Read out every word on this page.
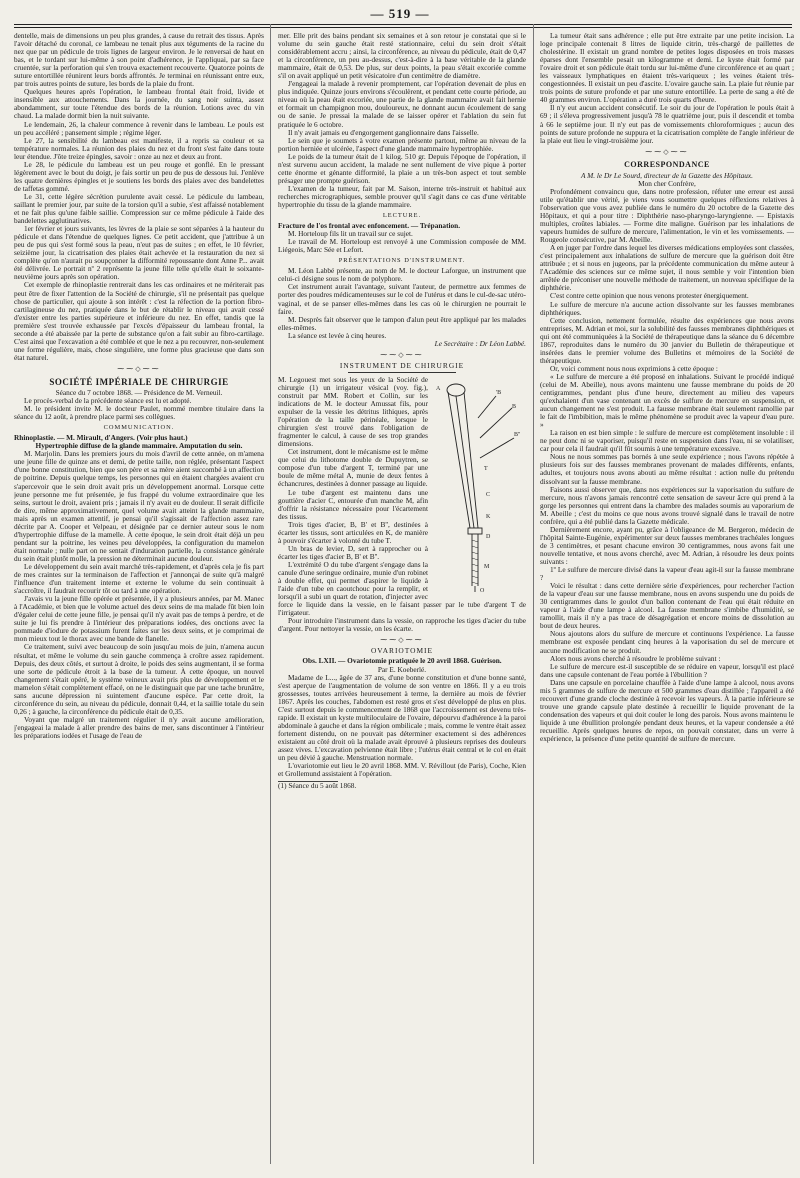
— 519 —

dentelle, mais de dimensions un peu plus grandes, à cause du retrait des tissus. Après l'avoir détaché du coronal, ce lambeau ne tenait plus aux téguments de la racine du nez que par un pédicule de trois lignes de largeur environ. Je le renversai de haut en bas, et le tordant sur lui-même à son point d'adhérence, je l'appliquai, par sa face cruentée, sur la perforation qui s'en trouva exactement recouverte. Quatorze points de suture entortillée réunirent leurs bords affrontés. Je terminai en réunissant entre eux, par trois autres points de suture, les bords de la plaie du front.

Quelques heures après l'opération, le lambeau frontal était froid, livide et insensible aux attouchements. Dans la journée, du sang noir suinta, assez abondamment, sur toute l'étendue des bords de la réunion. Lotions avec du vin chaud. La malade dormit bien la nuit suivante.

Le lendemain, 26, la chaleur commence à revenir dans le lambeau. Le pouls est un peu accéléré ; pansement simple ; régime léger.

Le 27, la sensibilité du lambeau est manifeste, il a repris sa couleur et sa température normales. La réunion des plaies du nez et du front s'est faite dans toute leur étendue. J'ôte treize épingles, savoir : onze au nez et deux au front.

Le 28, le pédicule du lambeau est un peu rouge et gonflé. En le pressant légèrement avec le bout du doigt, je fais sortir un peu de pus de dessous lui. J'enlève les quatre dernières épingles et je soutiens les bords des plaies avec des bandelettes de taffetas gommé.

Le 31, cette légère sécrétion purulente avait cessé. Le pédicule du lambeau, saillant le premier jour, par suite de la torsion qu'il a subie, s'est affaissé notablement et ne fait plus qu'une faible saillie. Compression sur ce même pédicule à l'aide des bandelettes agglutinatives.

1er février et jours suivants, les lèvres de la plaie se sont séparées à la hauteur du pédicule et dans l'étendue de quelques lignes. Ce petit accident, que j'attribue à un peu de pus qui s'est formé sous la peau, n'eut pas de suites ; en effet, le 10 février, seizième jour, la cicatrisation des plaies était achevée et la restauration du nez si complète qu'on n'aurait pu soupçonner la difformité repoussante dont Anne P... avait été délivrée. Le portrait nº 2 représente la jeune fille telle qu'elle était le soixante-neuvième jours après son opération.

Cet exemple de rhinoplastie rentrerait dans les cas ordinaires et ne mériterait pas peut être de fixer l'attention de la Société de chirurgie, s'il ne présentait pas quelque chose de particulier, qui ajoute à son intérêt : c'est la réfection de la portion fibro-cartilagineuse du nez, pratiquée dans le but de rétablir le niveau qui avait cessé d'exister entre les parties supérieure et inférieure du nez. En effet, tandis que la première s'est trouvée exhaussée par l'excès d'épaisseur du lambeau frontal, la seconde a été abaissée par la perte de substance qu'on a fait subir au fibro-cartilage. C'est ainsi que l'excavation a été comblée et que le nez a pu recouvrer, non-seulement une forme régulière, mais, chose singulière, une forme plus gracieuse que dans son état naturel.

⁓⁓◇⁓⁓
SOCIÉTÉ IMPÉRIALE DE CHIRURGIE

Séance du 7 octobre 1868. — Présidence de M. Verneuil.

Le procès-verbal de la précédente séance est lu et adopté.

M. le président invite M. le docteur Paulet, nommé membre titulaire dans la séance du 12 août, à prendre place parmi ses collègues.

COMMUNICATION.

Rhinoplastie. — M. Mirault, d'Angers. (Voir plus haut.)

Hypertrophie diffuse de la glande mammaire. Amputation du sein.

M. Marjolin. Dans les premiers jours du mois d'avril de cette année, on m'amena une jeune fille de quinze ans et demi, de petite taille, non réglée, présentant l'aspect d'une bonne constitution, bien que son père et sa mère aient succombé à un affection de poitrine. Depuis quelque temps, les personnes qui en étaient chargées avaient cru s'apercevoir que le sein droit avait pris un développement anormal. Lorsque cette jeune personne me fut présentée, je fus frappé du volume extraordinaire que les seins, surtout le droit, avaient pris ; jamais il n'y avait eu de douleur. Il serait difficile de dire, même approximativement, quel volume avait atteint la glande mammaire, mais après un examen attentif, je pensai qu'il s'agissait de l'affection assez rare décrite par A. Cooper et Velpeau, et désignée par ce dernier auteur sous le nom d'hypertrophie diffuse de la mamelle. À cette époque, le sein droit était déjà un peu pendant sur la poitrine, les veines peu développées, la configuration du mamelon était normale ; nulle part on ne sentait d'induration partielle, la consistance générale du sein était plutôt molle, la pression ne déterminait aucune douleur.

Le développement du sein avait marché très-rapidement, et d'après cela je fis part de mes craintes sur la terminaison de l'affection et j'annonçai de suite qu'à malgré l'influence d'un traitement interne et externe le volume du sein continuait à s'accroître, il faudrait recourir tôt ou tard à une opération.

J'avais vu la jeune fille opérée et présentée, il y a plusieurs années, par M. Manec à l'Académie, et bien que le volume actuel des deux seins de ma malade fût bien loin d'égaler celui de cette jeune fille, je pensai qu'il n'y avait pas de temps à perdre, et de suite je lui fis prendre à l'intérieur des préparations iodées, des onctions avec la pommade d'iodure de potassium furent faites sur les deux seins, et je comprimai de mon mieux tout le thorax avec une bande de flanelle.

Ce traitement, suivi avec beaucoup de soin jusqu'au mois de juin, n'amena aucun résultat, et même le volume du sein gauche commença à croître assez rapidement. Depuis, des deux côtés, et surtout à droite, le poids des seins augmentant, il se forma une sorte de pédicule étroit à la base de la tumeur. À cette époque, un nouvel changement s'était opéré, le système veineux avait pris plus de développement et le mamelon s'était complètement effacé, on ne le distinguait que par une tache brunâtre, sans aucune dépression ni suintement d'aucune espèce. Par cette droit, la circonférence du sein, au niveau du pédicule, donnait 0,44, et la saillie totale du sein 0,26 ; à gauche, la circonférence du pédicule était de 0,35.

Voyant que malgré un traitement régulier il n'y avait aucune amélioration, j'engageai la malade à aller prendre des bains de mer, sans discontinuer à l'intérieur les préparations iodées et l'usage de l'eau de

mer. Elle prit des bains pendant six semaines et à son retour je constatai que si le volume du sein gauche était resté stationnaire, celui du sein droit s'était considérablement accru ; ainsi, la circonférence, au niveau du pédicule, était de 0,47 et la circonférence, un peu au-dessus, c'est-à-dire à la base véritable de la glande mammaire, était de 0,53. De plus, sur deux points, la peau s'était excoriée comme s'il on avait appliqué un petit vésicatoire d'un centimètre de diamètre.

J'engageai la malade à revenir promptement, car l'opération devenait de plus en plus indiquée. Quinze jours environs s'écoulèrent, et pendant cette courte période, au niveau où la peau était excoriée, une partie de la glande mammaire avait fait hernie et formait un champignon mou, douloureux, ne donnant aucun écoulement de sang ou de sanie. Je pressai la malade de se laisser opérer et l'ablation du sein fut pratiquée le 6 octobre.

Il n'y avait jamais eu d'engorgement ganglionnaire dans l'aisselle.

Le sein que je soumets à votre examen présente partout, même au niveau de la portion herniée et ulcérée, l'aspect d'une glande mammaire hypertrophiée.

Le poids de la tumeur était de 1 kilog. 510 gr. Depuis l'époque de l'opération, il n'est survenu aucun accident, la malade ne sent nullement de vive pique à porter cette énorme et génante difformité, la plaie a un très-bon aspect et tout semble présager une prompte guérison.

L'examen de la tumeur, fait par M. Saison, interne très-instruit et habitué aux recherches micrographiques, semble prouver qu'il s'agit dans ce cas d'une véritable hypertrophie du tissu de la glande mammaire.

LECTURE.

Fracture de l'os frontal avec enfoncement. — Trépanation.

M. Horteloup fils lit un travail sur ce sujet.

Le travail de M. Horteloup est renvoyé à une Commission composée de MM. Liégeois, Marc Sée et Lefort.

PRÉSENTATIONS D'INSTRUMENT.

M. Léon Labbé présente, au nom de M. le docteur Laforgue, un instrument que celui-ci désigne sous le nom de polyphore.

Cet instrument aurait l'avantage, suivant l'auteur, de permettre aux femmes de porter des poudres médicamenteuses sur le col de l'utérus et dans le cul-de-sac utéro-vaginal, et de se panser elles-mêmes dans les cas où le chirurgien ne pourrait le faire.

M. Desprès fait observer que le tampon d'alun peut être appliqué par les malades elles-mêmes.

La séance est levée à cinq heures.

Le Secrétaire : Dr Léon Labbé.

⁓⁓◇⁓⁓
INSTRUMENT DE CHIRURGIE
A
'B
B
B''
T
C
K
D
M
O

M. Legouest met sous les yeux de la Société de chirurgie (1) un irrigateur vésical (voy. fig.), construit par MM. Robert et Collin, sur les indications de M. le docteur Amussat fils, pour expulser de la vessie les détritus lithiques, après l'opération de la taille périnéale, lorsque le chirurgien s'est trouvé dans l'obligation de fragmenter le calcul, à cause de ses trop grandes dimensions.

Cet instrument, dont le mécanisme est le même que celui du lithotome double de Dupuytren, se compose d'un tube d'argent T, terminé par une boule de même métal A, munie de deux fentes à échancrures, destinées à donner passage au liquide.

Le tube d'argent est maintenu dans une gouttière d'acier C, entourée d'un manche M, afin d'offrir la résistance nécessaire pour l'écartement des tissus.

Trois tiges d'acier, B, B' et B'', destinées à écarter les tissus, sont articulées en K, de manière à pouvoir s'écarter à volonté du tube T.

Un bras de levier, D, sert à rapprocher ou à écarter les tiges d'acier B, B' et B''.

L'extrémité O du tube d'argent s'engage dans la canule d'une seringue ordinaire, munie d'un robinet à double effet, qui permet d'aspirer le liquide à l'aide d'un tube en caoutchouc pour la remplir, et lorsqu'il a subi un quart de rotation, d'injecter avec force le liquide dans la vessie, en le faisant passer par le tube d'argent T de l'irrigateur.

Pour introduire l'instrument dans la vessie, on rapproche les tiges d'acier du tube d'argent. Pour nettoyer la vessie, on les écarte.

⁓⁓◇⁓⁓
OVARIOTOMIE

Obs. LXII. — Ovariotomie pratiquée le 20 avril 1868. Guérison.

Par E. Koeberlé.

Madame de L..., âgée de 37 ans, d'une bonne constitution et d'une bonne santé, s'est aperçue de l'augmentation de volume de son ventre en 1866. Il y a eu trois grossesses, toutes arrivées heureusement à terme, la dernière au mois de février 1867. Après les couches, l'abdomen est resté gros et s'est développé de plus en plus. C'est surtout depuis le commencement de 1868 que l'accroissement est devenu très-rapide. Il existait un kyste multiloculaire de l'ovaire, dépourvu d'adhérence à la paroi abdominale à gauche et dans la région ombilicale ; mais, comme le ventre était assez fortement distendu, on ne pouvait pas déterminer exactement si des adhérences existaient au côté droit où la malade avait éprouvé à plusieurs reprises des douleurs assez vives. L'excavation pelvienne était libre ; l'utérus était central et le col en était un peu dévié à gauche. Menstruation normale.

L'ovariotomie eut lieu le 20 avril 1868. MM. V. Révillout (de Paris), Coche, Kien et Grollemund assistaient à l'opération.

(1) Séance du 5 août 1868.

La tumeur était sans adhérence ; elle put être extraite par une petite incision. La loge principale contenait 8 litres de liquide citrin, très-chargé de paillettes de cholestérine. Il existait un grand nombre de petites loges disposées en trois masses éparses dont l'ensemble pesait un kilogramme et demi. Le kyste était formé par l'ovaire droit et son pédicule était tordu sur lui-même d'une circonférence et au quart ; les vaisseaux lymphatiques en étaient très-variqueux ; les veines étaient très-congestionnées. Il existait un peu d'ascite. L'ovaire gauche sain. La plaie fut réunie par trois points de suture profonde et par une suture entortillée. La perte de sang a été de 40 grammes environ. L'opération a duré trois quarts d'heure.

Il n'y eut aucun accident consécutif. Le soir du jour de l'opération le pouls était à 69 ; il s'éleva progressivement jusqu'à 78 le quatrième jour, puis il descendit et tomba à 66 le septième jour. Il n'y eut pas de vomissements chloroformiques ; aucun des points de suture profonde ne suppura et la cicatrisation complète de l'angle inférieur de la plaie eut lieu le vingt-troisième jour.

⁓⁓◇⁓⁓
CORRESPONDANCE

A M. le Dr Le Sourd, directeur de la Gazette des Hôpitaux.

Mon cher Confrère,

Profondément convaincu que, dans notre profession, réfuter une erreur est aussi utile qu'établir une vérité, je viens vous soumettre quelques réflexions relatives à l'observation que vous avez publiée dans le numéro du 20 octobre de la Gazette des Hôpitaux, et qui a pour titre : Diphthérie naso-pharyngo-laryngienne. — Epistaxis multiples, croûtes labiales. — Forme dite maligne. Guérison par les inhalations de vapeurs humides de sulfure de mercure, l'alimentation, le vin et les vomissements. — Rougeole consécutive, par M. Abeille.

A en juger par l'ordre dans lequel les diverses médications employées sont classées, c'est principalement aux inhalations de sulfure de mercure que la guérison doit être attribuée ; et si nous en jugeons, par la précédente communication du même auteur à l'Académie des sciences sur ce même sujet, il nous semble y voir l'intention bien arrêtée de préconiser une nouvelle méthode de traitement, un nouveau spécifique de la diphthérie.

C'est contre cette opinion que nous venons protester énergiquement.

Le sulfure de mercure n'a aucune action dissolvante sur les fausses membranes diphthériques.

Cette conclusion, nettement formulée, résulte des expériences que nous avons entreprises, M. Adrian et moi, sur la solubilité des fausses membranes diphthériques et qui ont été communiquées à la Société de thérapeutique dans la séance du 6 décembre 1867, reproduites dans le numéro du 30 janvier du Bulletin de thérapeutique et insérées dans le premier volume des Bulletins et mémoires de la Société de thérapeutique.

Or, voici comment nous nous exprimions à cette époque :

« Le sulfure de mercure a été proposé en inhalations. Suivant le procédé indiqué (celui de M. Abeille), nous avons maintenu une fausse membrane du poids de 20 centigrammes, pendant plus d'une heure, directement au milieu des vapeurs qu'exhalaient d'un vase contenant un excès de sulfure de mercure en suspension, et aucun changement ne s'est produit. La fausse membrane était seulement ramollie par le fait de l'imbibition, mais le même phénomène se produit avec la vapeur d'eau pure. »

La raison en est bien simple : le sulfure de mercure est complètement insoluble : il ne peut donc ni se vaporiser, puisqu'il reste en suspension dans l'eau, ni se volatiliser, car pour cela il faudrait qu'il fût soumis à une température excessive.

Nous ne nous sommes pas bornés à une seule expérience ; nous l'avons répétée à plusieurs fois sur des fausses membranes provenant de malades différents, enfants, adultes, et toujours nous avons abouti au même résultat : action nulle du prétendu dissolvant sur la fausse membrane.

Faisons aussi observer que, dans nos expériences sur la vaporisation du sulfure de mercure, nous n'avons jamais rencontré cette sensation de saveur âcre qui prend à la gorge les personnes qui entrent dans la chambre des malades soumis au vaporarium de M. Abeille ; c'est du moins ce que nous avons trouvé signalé dans le travail de notre confrère, qui a été publié dans la Gazette médicale.

Dernièrement encore, ayant pu, grâce à l'obligeance de M. Bergeron, médecin de l'hôpital Sainte-Eugénie, expérimenter sur deux fausses membranes trachéales longues de 3 centimètres, et pesant chacune environ 30 centigrammes, nous avons fait une nouvelle tentative, et nous avons cherché, avec M. Adrian, à résoudre les deux points suivants :

1º Le sulfure de mercure divisé dans la vapeur d'eau agit-il sur la fausse membrane ?

Voici le résultat : dans cette dernière série d'expériences, pour rechercher l'action de la vapeur d'eau sur une fausse membrane, nous en avons suspendu une du poids de 30 centigrammes dans le goulot d'un ballon contenant de l'eau qui était réduite en vapeur à l'aide d'une lampe à alcool. La fausse membrane s'imbibe d'humidité, se ramollit, mais il n'y a pas trace de désagrégation et encore moins de dissolution au bout de deux heures.

Nous ajoutons alors du sulfure de mercure et continuons l'expérience. La fausse membrane est exposée pendant cinq heures à la vaporisation du sel de mercure et aucune modification ne se produit.

Alors nous avons cherché à résoudre le problème suivant :

Le sulfure de mercure est-il susceptible de se réduire en vapeur, lorsqu'il est placé dans une capsule contenant de l'eau portée à l'ébullition ?

Dans une capsule en porcelaine chauffée à l'aide d'une lampe à alcool, nous avons mis 5 grammes de sulfure de mercure et 500 grammes d'eau distillée ; l'appareil a été recouvert d'une grande cloche destinée à recevoir les vapeurs. À la partie inférieure se trouve une grande capsule plate destinée à recueillir le liquide provenant de la condensation des vapeurs et qui doit couler le long des parois. Nous avons maintenu le liquide à une ébullition prolongée pendant deux heures, et la vapeur condensée a été recueillie. Après quelques heures de repos, on pouvait constater, dans un verre à expérience, la présence d'une petite quantité de sulfure de mercure.
